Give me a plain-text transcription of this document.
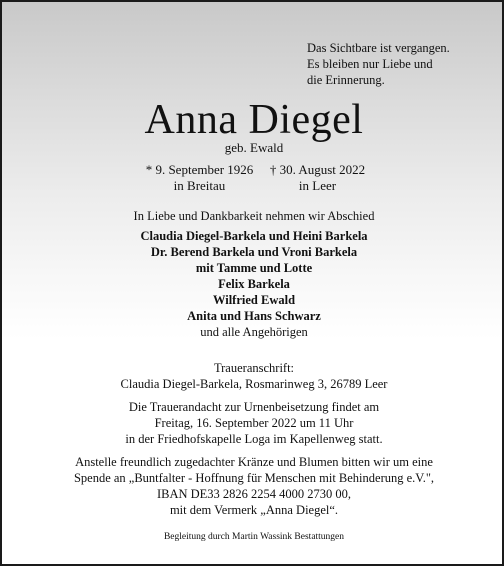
Das Sichtbare ist vergangen.
Es bleiben nur Liebe und
die Erinnerung.
Anna Diegel
geb. Ewald
* 9. September 1926
in Breitau
† 30. August 2022
in Leer
In Liebe und Dankbarkeit nehmen wir Abschied
Claudia Diegel-Barkela und Heini Barkela
Dr. Berend Barkela und Vroni Barkela
mit Tamme und Lotte
Felix Barkela
Wilfried Ewald
Anita und Hans Schwarz
und alle Angehörigen
Traueranschrift:
Claudia Diegel-Barkela, Rosmarinweg 3, 26789 Leer
Die Trauerandacht zur Urnenbeisetzung findet am
Freitag, 16. September 2022 um 11 Uhr
in der Friedhofskapelle Loga im Kapellenweg statt.
Anstelle freundlich zugedachter Kränze und Blumen bitten wir um eine
Spende an „Buntfalter - Hoffnung für Menschen mit Behinderung e.V.",
IBAN DE33 2826 2254 4000 2730 00,
mit dem Vermerk „Anna Diegel“.
Begleitung durch Martin Wassink Bestattungen
